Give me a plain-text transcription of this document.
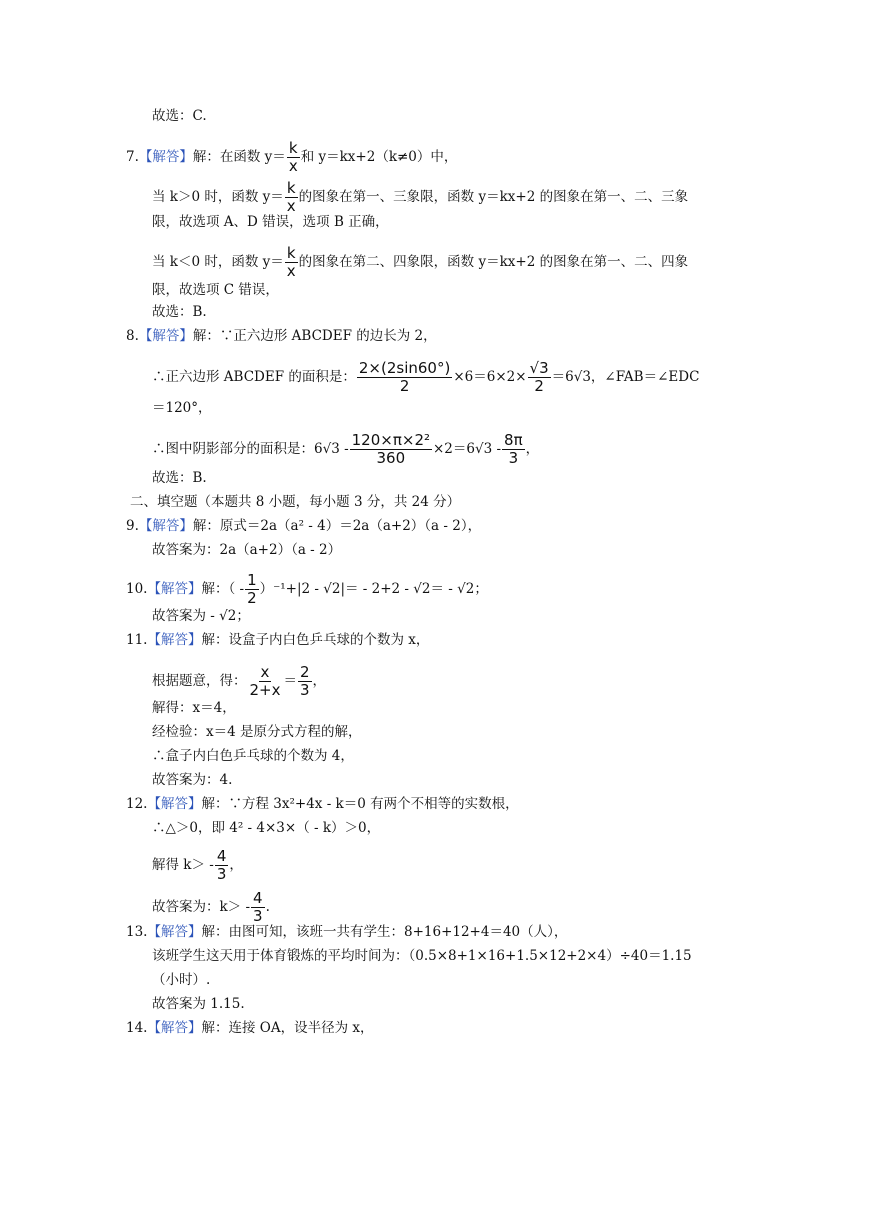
故选：C.
7.【解答】解：在函数 $y= \frac{k}{x}$ 和 y＝kx+2（k≠0）中，
当 k＞0 时，函数 $y= \frac{k}{x}$ 的图象在第一、三象限，函数 y＝kx+2 的图象在第一、二、三象
限，故选项 A、D 错误，选项 B 正确，
当 k＜0 时，函数 $y= \frac{k}{x}$ 的图象在第二、四象限，函数 y＝kx+2 的图象在第一、二、四象
限，故选项 C 错误，
故选：B.
8.【解答】解：∵正六边形 ABCDEF 的边长为 2，
∴正六边形 ABCDEF 的面积是： $\frac{2\times(2\sin 60^\circ)}{2} \times 6=6\times 2\times \frac{√3}{2} =6√3$，∠FAB＝∠EDC
＝120°，
∴图中阴影部分的面积是：$6√3 - \frac{\text{120×π×2²}}{360} \times 2=6√3 - \frac{8\pi}{3}$ ，
故选：B.
二、填空题（本题共 8 小题，每小题 3 分，共 24 分）
9.【解答】解：原式＝2a（a² - 4）＝2a（a+2）（a - 2），
故答案为：2a（a+2）（a - 2）
10.【解答】解：（ - $\frac{1}{2} )^{-1}+|2 - √2|= - 2+2 - √2= - √2$；
故答案为 - √2；
11.【解答】解：设盒子内白色乒乓球的个数为 x，
根据题意，得： $\frac{x}{2+x} = \frac{2}{3}$ ，
解得：x＝4，
经检验：x＝4 是原分式方程的解，
∴盒子内白色乒乓球的个数为 4，
故答案为：4.
12.【解答】解：∵方程 3x²+4x - k＝0 有两个不相等的实数根，
∴△＞0，即 4² - 4×3×（ - k）＞0，
解得 $k> - \frac{4}{3}$ ，
故答案为：$k> - \frac{4}{3}$ .
13.【解答】解：由图可知，该班一共有学生：8+16+12+4＝40（人），
该班学生这天用于体育锻炼的平均时间为：（0.5×8+1×16+1.5×12+2×4）÷40＝1.15
（小时）.
故答案为 1.15.
14.【解答】解：连接 OA，设半径为 x，
